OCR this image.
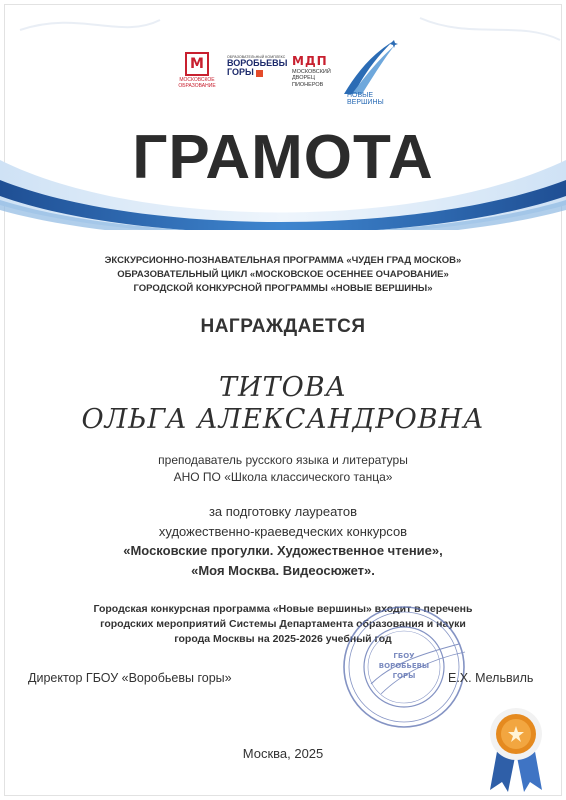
М
МОСКОВСКОЕ
ОБРАЗОВАНИЕ
ОБРАЗОВАТЕЛЬНЫЙ КОМПЛЕКС
ВОРОБЬЕВЫ
ГОРЫ
МДП
МОСКОВСКИЙ
ДВОРЕЦ
ПИОНЕРОВ
НОВЫЕ
ВЕРШИНЫ
ГРАМОТА
ЭКСКУРСИОННО-ПОЗНАВАТЕЛЬНАЯ ПРОГРАММА «ЧУДЕН ГРАД МОСКОВ»
ОБРАЗОВАТЕЛЬНЫЙ ЦИКЛ «МОСКОВСКОЕ ОСЕННЕЕ ОЧАРОВАНИЕ»
ГОРОДСКОЙ КОНКУРСНОЙ ПРОГРАММЫ «НОВЫЕ ВЕРШИНЫ»
НАГРАЖДАЕТСЯ
ТИТОВА
ОЛЬГА АЛЕКСАНДРОВНА
преподаватель русского языка и литературы
АНО ПО «Школа классического танца»
за подготовку лауреатов
художественно-краеведческих конкурсов
«Московские прогулки. Художественное чтение»,
«Моя Москва. Видеосюжет».
Городская конкурсная программа «Новые вершины» входит в перечень
городских мероприятий Системы Департамента образования и науки
города Москвы на 2025-2026 учебный год
ГБОУ
ВОРОБЬЕВЫ
ГОРЫ
Директор ГБОУ «Воробьевы горы»	Е.Х. Мельвиль
Москва, 2025
